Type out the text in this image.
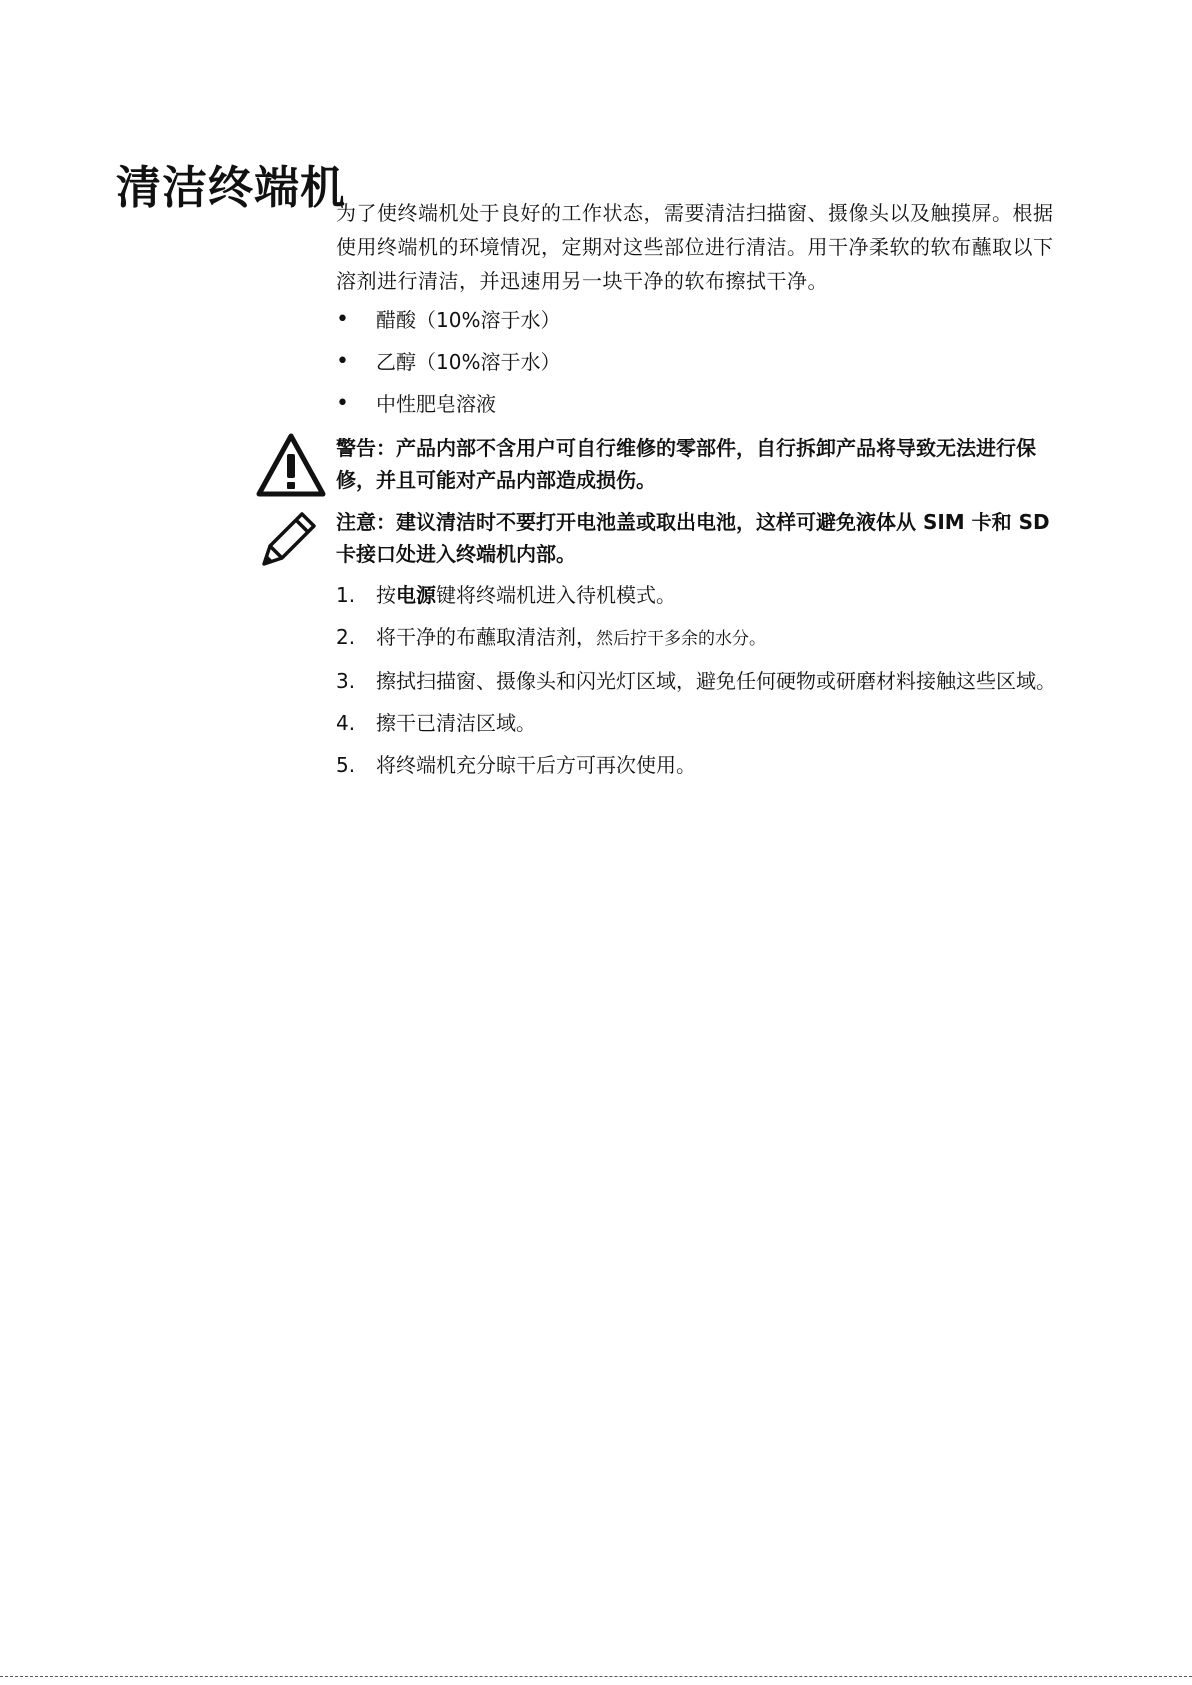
清洁终端机

为了使终端机处于良好的工作状态，需要清洁扫描窗、摄像头以及触摸屏。根据使用终端机的环境情况，定期对这些部位进行清洁。用干净柔软的软布蘸取以下溶剂进行清洁，并迅速用另一块干净的软布擦拭干净。

• 醋酸（10%溶于水）
• 乙醇（10%溶于水）
• 中性肥皂溶液
警告：产品内部不含用户可自行维修的零部件，自行拆卸产品将导致无法进行保修，并且可能对产品内部造成损伤。
注意：建议清洁时不要打开电池盖或取出电池，这样可避免液体从 SIM 卡和 SD 卡接口处进入终端机内部。
1. 按电源键将终端机进入待机模式。
2. 将干净的布蘸取清洁剂，然后拧干多余的水分。
3. 擦拭扫描窗、摄像头和闪光灯区域，避免任何硬物或研磨材料接触这些区域。
4. 擦干已清洁区域。
5. 将终端机充分晾干后方可再次使用。
